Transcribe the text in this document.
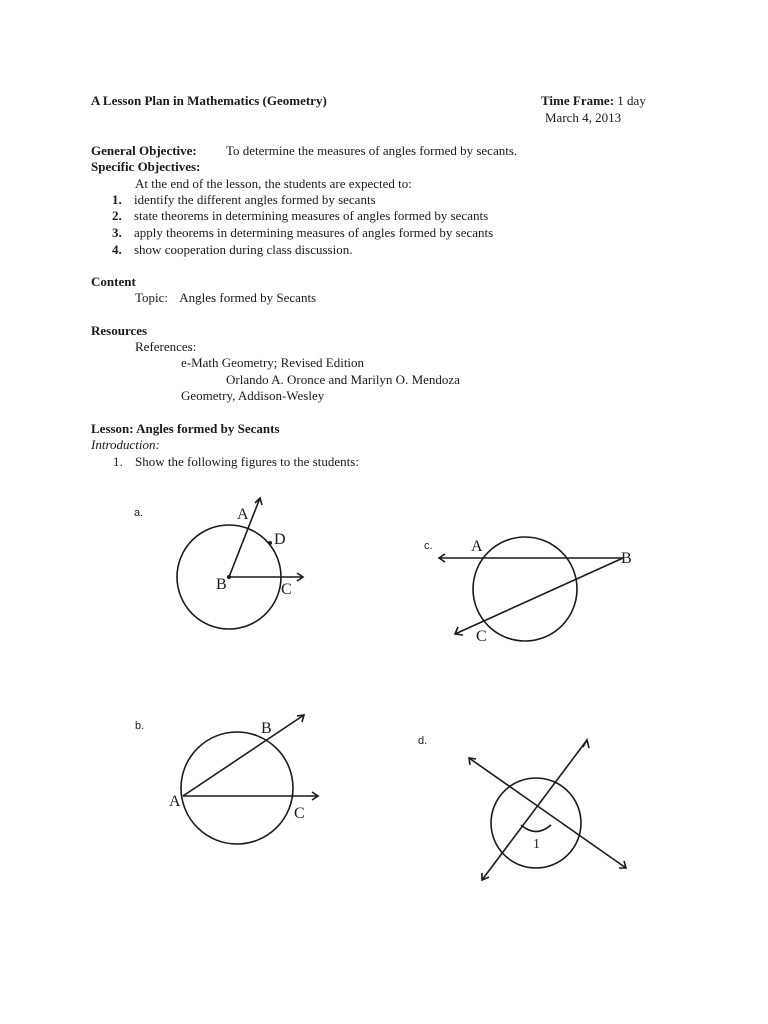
A Lesson Plan in Mathematics (Geometry)	Time Frame: 1 day
March 4, 2013
General Objective: To determine the measures of angles formed by secants.
Specific Objectives:
At the end of the lesson, the students are expected to:
1. identify the different angles formed by secants
2. state theorems in determining measures of angles formed by secants
3. apply theorems in determining measures of angles formed by secants
4. show cooperation during class discussion.
Content
Topic: Angles formed by Secants
Resources
References:
e-Math Geometry; Revised Edition
Orlando A. Oronce and Marilyn O. Mendoza
Geometry, Addison-Wesley
Lesson: Angles formed by Secants
Introduction:
1. Show the following figures to the students:
a.
c.
b.
d.
A
D
B	C
A
B
C
B
A
C
1
